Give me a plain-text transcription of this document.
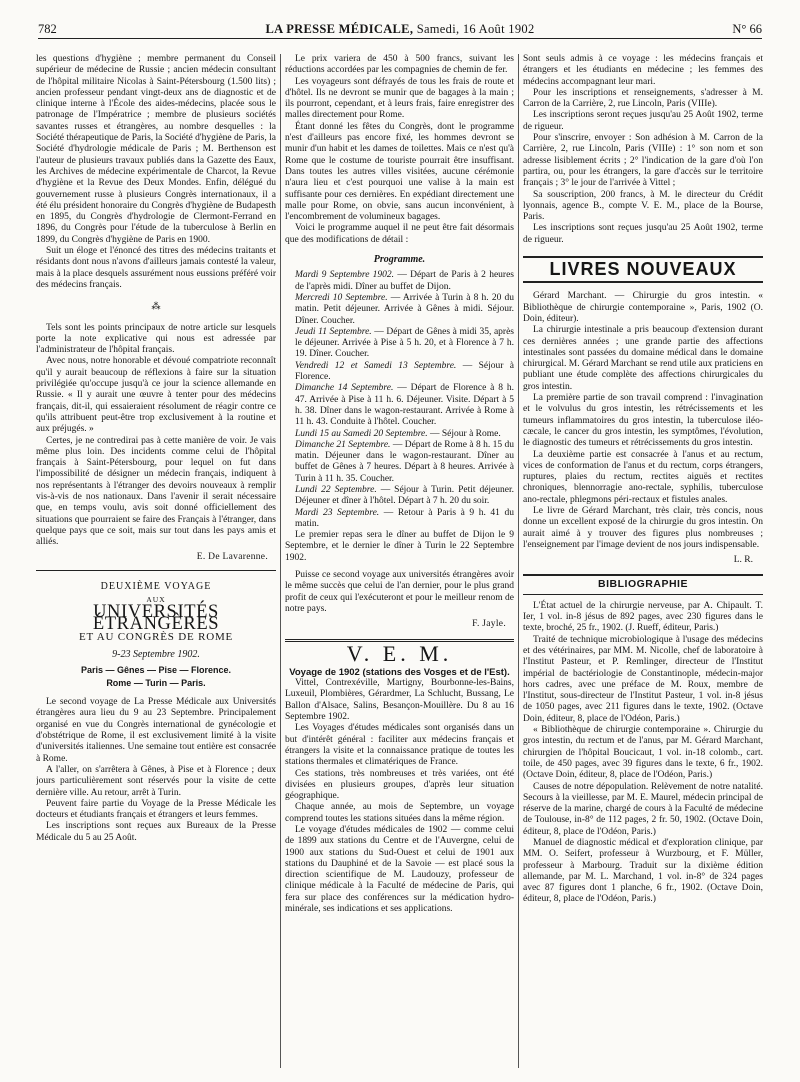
782	LA PRESSE MÉDICALE, Samedi, 16 Août 1902	N° 66

les questions d'hygiène ; membre permanent du Conseil supérieur de médecine de Russie ; ancien médecin consultant de l'hôpital militaire Nicolas à Saint-Pétersbourg (1.500 lits) ; ancien professeur pendant vingt-deux ans de diagnostic et de clinique interne à l'École des aides-médecins, placée sous le patronage de l'Impératrice ; membre de plusieurs sociétés savantes russes et étrangères, au nombre desquelles : la Société thérapeutique de Paris, la Société d'hygiène de Paris, la Société d'hydrologie médicale de Paris ; M. Berthenson est l'auteur de plusieurs travaux publiés dans la Gazette des Eaux, les Archives de médecine expérimentale de Charcot, la Revue d'hygiène et la Revue des Deux Mondes. Enfin, délégué du gouvernement russe à plusieurs Congrès internationaux, il a été élu président honoraire du Congrès d'hygiène de Budapesth en 1895, du Congrès d'hydrologie de Clermont-Ferrand en 1896, du Congrès pour l'étude de la tuberculose à Berlin en 1899, du Congrès d'hygiène de Paris en 1900.

Suit un éloge et l'énoncé des titres des médecins traitants et résidants dont nous n'avons d'ailleurs jamais contesté la valeur, mais à la place desquels assurément nous eussions préféré voir des médecins français.

⁂

Tels sont les points principaux de notre article sur lesquels porte la note explicative qui nous est adressée par l'administrateur de l'hôpital français.

Avec nous, notre honorable et dévoué compatriote reconnaît qu'il y aurait beaucoup de réflexions à faire sur la situation privilégiée qu'occupe jusqu'à ce jour la science allemande en Russie. « Il y aurait une œuvre à tenter pour des médecins français, dit-il, qui essaieraient résolument de réagir contre ce qu'ils attribuent peut-être trop exclusivement à la routine et aux préjugés. »

Certes, je ne contredirai pas à cette manière de voir. Je vais même plus loin. Des incidents comme celui de l'hôpital français à Saint-Pétersbourg, pour lequel on fut dans l'impossibilité de désigner un médecin français, indiquent à nos représentants à l'étranger des devoirs nouveaux à remplir vis-à-vis de nos nationaux. Dans l'avenir il serait nécessaire que, en temps voulu, avis soit donné officiellement des situations que pourraient se faire des Français à l'étranger, dans quelque pays que ce soit, mais sur tout dans les pays amis et alliés.

E. De Lavarenne.
DEUXIÈME VOYAGE
AUX
UNIVERSITÉS ÉTRANGÈRES
ET AU CONGRÈS DE ROME
9-23 Septembre 1902.
Paris — Gênes — Pise — Florence.
Rome — Turin — Paris.

Le second voyage de La Presse Médicale aux Universités étrangères aura lieu du 9 au 23 Septembre. Principalement organisé en vue du Congrès international de gynécologie et d'obstétrique de Rome, il est exclusivement limité à la visite d'universités italiennes. Une semaine tout entière est consacrée à Rome.

A l'aller, on s'arrêtera à Gênes, à Pise et à Florence ; deux jours particulièrement sont réservés pour la visite de cette dernière ville. Au retour, arrêt à Turin.

Peuvent faire partie du Voyage de la Presse Médicale les docteurs et étudiants français et étrangers et leurs femmes.

Les inscriptions sont reçues aux Bureaux de la Presse Médicale du 5 au 25 Août.

Le prix variera de 450 à 500 francs, suivant les réductions accordées par les compagnies de chemin de fer.

Les voyageurs sont défrayés de tous les frais de route et d'hôtel. Ils ne devront se munir que de bagages à la main ; ils pourront, cependant, et à leurs frais, faire enregistrer des malles directement pour Rome.

Étant donné les fêtes du Congrès, dont le programme n'est d'ailleurs pas encore fixé, les hommes devront se munir d'un habit et les dames de toilettes. Mais ce n'est qu'à Rome que le costume de touriste pourrait être insuffisant. Dans toutes les autres villes visitées, aucune cérémonie n'aura lieu et c'est pourquoi une valise à la main est suffisante pour ces dernières. En expédiant directement une malle pour Rome, on obvie, sans aucun inconvénient, à l'encombrement de volumineux bagages.

Voici le programme auquel il ne peut être fait désormais que des modifications de détail :

Programme.

Mardi 9 Septembre 1902. — Départ de Paris à 2 heures de l'après midi. Dîner au buffet de Dijon.

Mercredi 10 Septembre. — Arrivée à Turin à 8 h. 20 du matin. Petit déjeuner. Arrivée à Gênes à midi. Séjour. Dîner. Coucher.

Jeudi 11 Septembre. — Départ de Gênes à midi 35, après le déjeuner. Arrivée à Pise à 5 h. 20, et à Florence à 7 h. 19. Dîner. Coucher.

Vendredi 12 et Samedi 13 Septembre. — Séjour à Florence.

Dimanche 14 Septembre. — Départ de Florence à 8 h. 47. Arrivée à Pise à 11 h. 6. Déjeuner. Visite. Départ à 5 h. 38. Dîner dans le wagon-restaurant. Arrivée à Rome à 11 h. 43. Conduite à l'hôtel. Coucher.

Lundi 15 au Samedi 20 Septembre. — Séjour à Rome.

Dimanche 21 Septembre. — Départ de Rome à 8 h. 15 du matin. Déjeuner dans le wagon-restaurant. Dîner au buffet de Gênes à 7 heures. Départ à 8 heures. Arrivée à Turin à 11 h. 35. Coucher.

Lundi 22 Septembre. — Séjour à Turin. Petit déjeuner. Déjeuner et dîner à l'hôtel. Départ à 7 h. 20 du soir.

Mardi 23 Septembre. — Retour à Paris à 9 h. 41 du matin.

Le premier repas sera le dîner au buffet de Dijon le 9 Septembre, et le dernier le dîner à Turin le 22 Septembre 1902.

Puisse ce second voyage aux universités étrangères avoir le même succès que celui de l'an dernier, pour le plus grand profit de ceux qui l'exécuteront et pour le meilleur renom de notre pays.

F. Jayle.
V. E. M.

Voyage de 1902 (stations des Vosges et de l'Est).

Vittel, Contrexéville, Martigny, Bourbonne-les-Bains, Luxeuil, Plombières, Gérardmer, La Schlucht, Bussang, Le Ballon d'Alsace, Salins, Besançon-Mouillère. Du 8 au 16 Septembre 1902.

Les Voyages d'études médicales sont organisés dans un but d'intérêt général : faciliter aux médecins français et étrangers la visite et la connaissance pratique de toutes les stations thermales et climatériques de France.

Ces stations, très nombreuses et très variées, ont été divisées en plusieurs groupes, d'après leur situation géographique.

Chaque année, au mois de Septembre, un voyage comprend toutes les stations situées dans la même région.

Le voyage d'études médicales de 1902 — comme celui de 1899 aux stations du Centre et de l'Auvergne, celui de 1900 aux stations du Sud-Ouest et celui de 1901 aux stations du Dauphiné et de la Savoie — est placé sous la direction scientifique de M. Laudouzy, professeur de clinique médicale à la Faculté de médecine de Paris, qui fera sur place des conférences sur la médication hydro-minérale, ses indications et ses applications.

Sont seuls admis à ce voyage : les médecins français et étrangers et les étudiants en médecine ; les femmes des médecins accompagnant leur mari.

Pour les inscriptions et renseignements, s'adresser à M. Carron de la Carrière, 2, rue Lincoln, Paris (VIIIe).

Les inscriptions seront reçues jusqu'au 25 Août 1902, terme de rigueur.

Pour s'inscrire, envoyer : Son adhésion à M. Carron de la Carrière, 2, rue Lincoln, Paris (VIIIe) : 1° son nom et son adresse lisiblement écrits ; 2° l'indication de la gare d'où l'on partira, ou, pour les étrangers, la gare d'accès sur le territoire français ; 3° le jour de l'arrivée à Vittel ;

Sa souscription, 200 francs, à M. le directeur du Crédit lyonnais, agence B., compte V. E. M., place de la Bourse, Paris.

Les inscriptions sont reçues jusqu'au 25 Août 1902, terme de rigueur.

LIVRES NOUVEAUX

Gérard Marchant. — Chirurgie du gros intestin. « Bibliothèque de chirurgie contemporaine », Paris, 1902 (O. Doin, éditeur).

La chirurgie intestinale a pris beaucoup d'extension durant ces dernières années ; une grande partie des affections intestinales sont passées du domaine médical dans le domaine chirurgical. M. Gérard Marchant se rend utile aux praticiens en publiant une étude complète des affections chirurgicales du gros intestin.

La première partie de son travail comprend : l'invagination et le volvulus du gros intestin, les rétrécissements et les tumeurs inflammatoires du gros intestin, la tuberculose iléo-cæcale, le cancer du gros intestin, les symptômes, l'évolution, le diagnostic des tumeurs et rétrécissements du gros intestin.

La deuxième partie est consacrée à l'anus et au rectum, vices de conformation de l'anus et du rectum, corps étrangers, ruptures, plaies du rectum, rectites aiguës et rectites chroniques, blennorragie ano-rectale, syphilis, tuberculose ano-rectale, phlegmons péri-rectaux et fistules anales.

Le livre de Gérard Marchant, très clair, très concis, nous donne un excellent exposé de la chirurgie du gros intestin. On aurait aimé à y trouver des figures plus nombreuses ; l'enseignement par l'image devient de nos jours indispensable.

L. R.
BIBLIOGRAPHIE

L'État actuel de la chirurgie nerveuse, par A. Chipault. T. Ier, 1 vol. in-8 jésus de 892 pages, avec 230 figures dans le texte, broché, 25 fr., 1902. (J. Rueff, éditeur, Paris.)

Traité de technique microbiologique à l'usage des médecins et des vétérinaires, par MM. M. Nicolle, chef de laboratoire à l'Institut Pasteur, et P. Remlinger, directeur de l'Institut impérial de bactériologie de Constantinople, médecin-major hors cadres, avec une préface de M. Roux, membre de l'Institut, sous-directeur de l'Institut Pasteur, 1 vol. in-8 jésus de 1050 pages, avec 211 figures dans le texte, 1902. (Octave Doin, éditeur, 8, place de l'Odéon, Paris.)

« Bibliothèque de chirurgie contemporaine ». Chirurgie du gros intestin, du rectum et de l'anus, par M. Gérard Marchant, chirurgien de l'hôpital Boucicaut, 1 vol. in-18 colomb., cart. toile, de 450 pages, avec 39 figures dans le texte, 6 fr., 1902. (Octave Doin, éditeur, 8, place de l'Odéon, Paris.)

Causes de notre dépopulation. Relèvement de notre natalité. Secours à la vieillesse, par M. E. Maurel, médecin principal de réserve de la marine, chargé de cours à la Faculté de médecine de Toulouse, in-8° de 112 pages, 2 fr. 50, 1902. (Octave Doin, éditeur, 8, place de l'Odéon, Paris.)

Manuel de diagnostic médical et d'exploration clinique, par MM. O. Seifert, professeur à Wurzbourg, et F. Müller, professeur à Marbourg. Traduit sur la dixième édition allemande, par M. L. Marchand, 1 vol. in-8° de 324 pages avec 87 figures dont 1 planche, 6 fr., 1902. (Octave Doin, éditeur, 8, place de l'Odéon, Paris.)
